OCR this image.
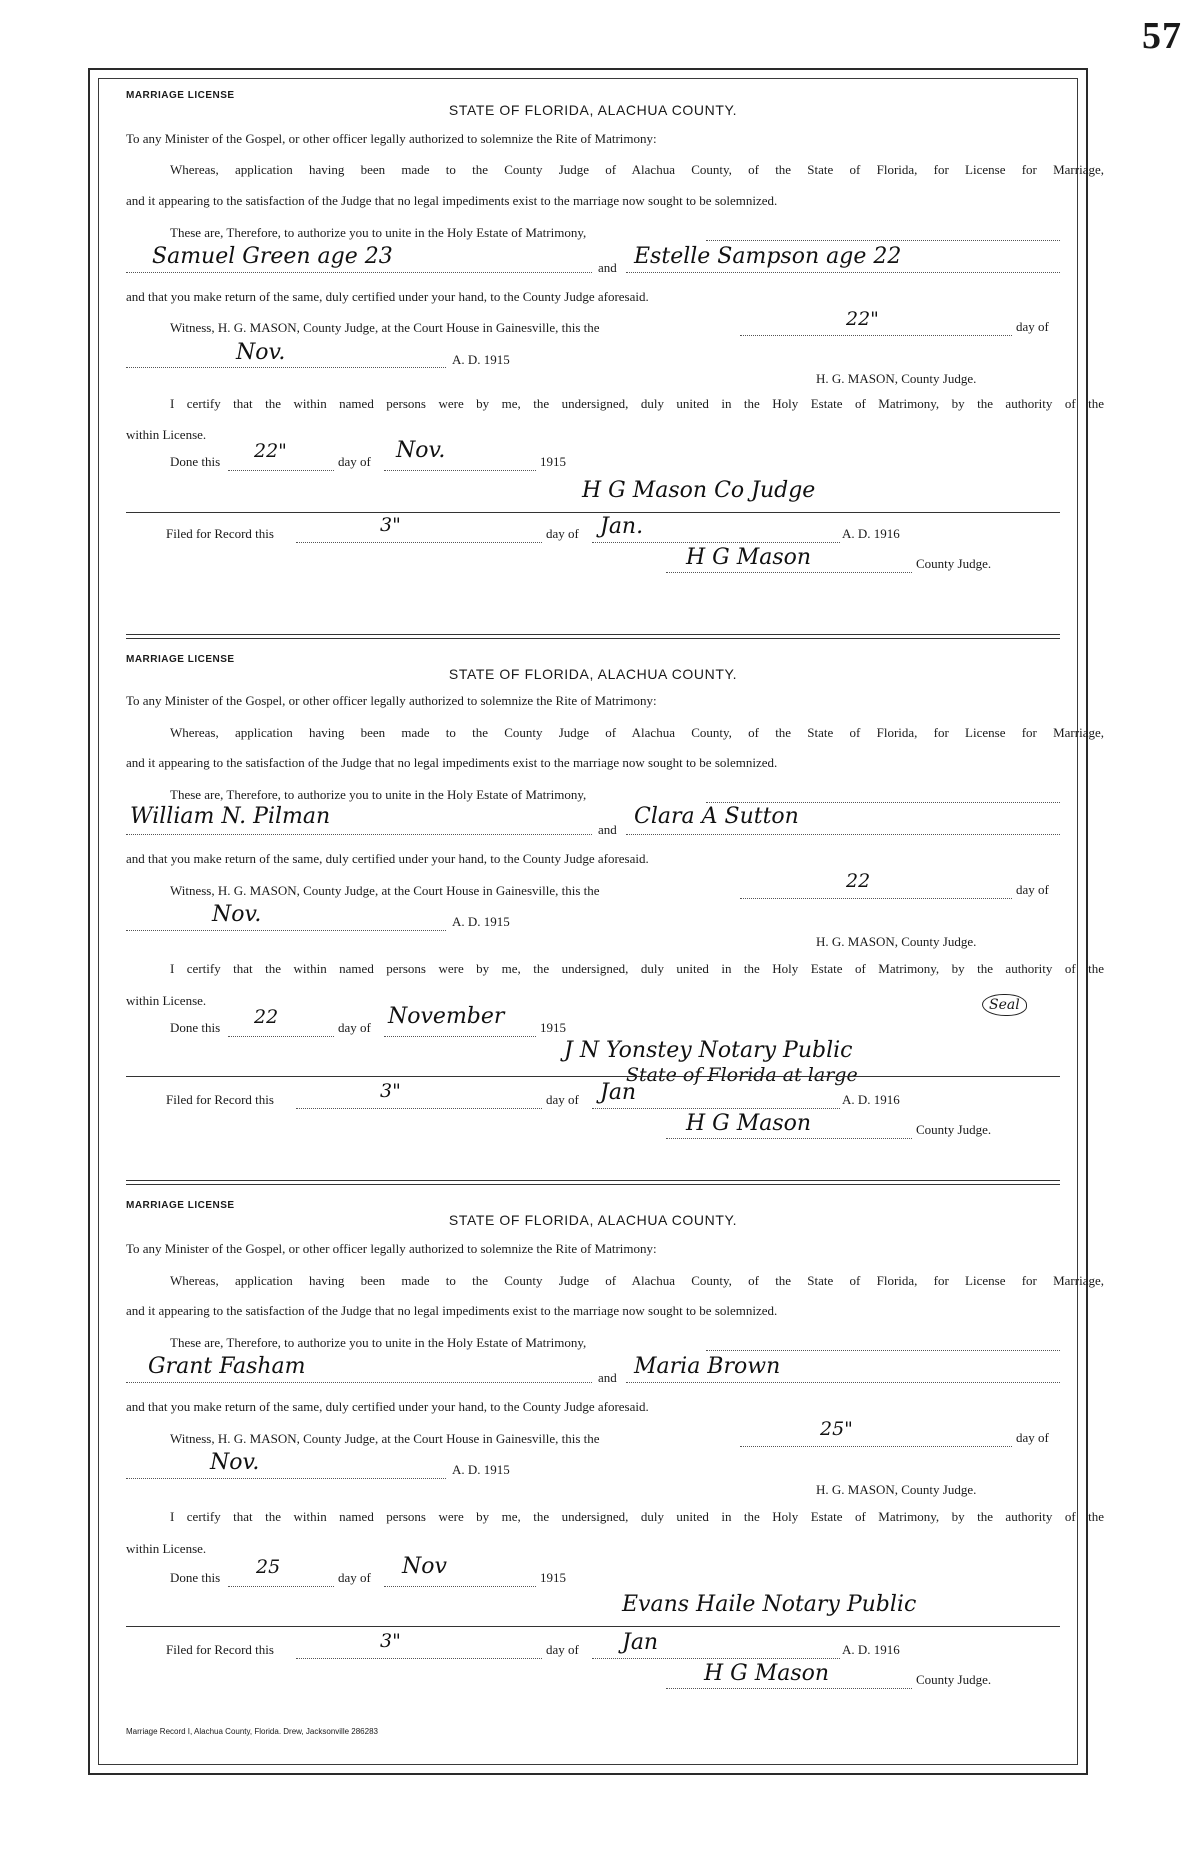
57
MARRIAGE LICENSE
STATE OF FLORIDA, ALACHUA COUNTY.
To any Minister of the Gospel, or other officer legally authorized to solemnize the Rite of Matrimony:
Whereas, application having been made to the County Judge of Alachua County, of the State of Florida, for License for Marriage,
and it appearing to the satisfaction of the Judge that no legal impediments exist to the marriage now sought to be solemnized.
These are, Therefore, to authorize you to unite in the Holy Estate of Matrimony,
Samuel Green age 23	and Estelle Sampson age 22
and that you make return of the same, duly certified under your hand, to the County Judge aforesaid.
Witness, H. G. MASON, County Judge, at the Court House in Gainesville, this the	22"	day of
Nov.	A. D. 1915
H. G. MASON, County Judge.
I certify that the within named persons were by me, the undersigned, duly united in the Holy Estate of Matrimony, by the authority of the
within License.
Done this 22"	day of Nov.	1915
H G Mason Co Judge
Filed for Record this	3"	day of Jan.	A. D. 1916
H G Mason	County Judge.
MARRIAGE LICENSE
STATE OF FLORIDA, ALACHUA COUNTY.
To any Minister of the Gospel, or other officer legally authorized to solemnize the Rite of Matrimony:
Whereas, application having been made to the County Judge of Alachua County, of the State of Florida, for License for Marriage,
and it appearing to the satisfaction of the Judge that no legal impediments exist to the marriage now sought to be solemnized.
These are, Therefore, to authorize you to unite in the Holy Estate of Matrimony,
William N. Pilman
and
Clara A Sutton
and that you make return of the same, duly certified under your hand, to the County Judge aforesaid.
Witness, H. G. MASON, County Judge, at the Court House in Gainesville, this the	22	day of
Nov.	A. D. 1915
H. G. MASON, County Judge.
I certify that the within named persons were by me, the undersigned, duly united in the Holy Estate of Matrimony, by the authority of the
within License.
Done this 22	day of November	1915
Seal
J N Yonstey Notary Public
State of Florida at large
Filed for Record this	3"	day of Jan	A. D. 1916
H G Mason	County Judge.
MARRIAGE LICENSE
STATE OF FLORIDA, ALACHUA COUNTY.
To any Minister of the Gospel, or other officer legally authorized to solemnize the Rite of Matrimony:
Whereas, application having been made to the County Judge of Alachua County, of the State of Florida, for License for Marriage,
and it appearing to the satisfaction of the Judge that no legal impediments exist to the marriage now sought to be solemnized.
These are, Therefore, to authorize you to unite in the Holy Estate of Matrimony,
Grant Fasham	and Maria Brown
and that you make return of the same, duly certified under your hand, to the County Judge aforesaid.
Witness, H. G. MASON, County Judge, at the Court House in Gainesville, this the	25"	day of
Nov.	A. D. 1915
H. G. MASON, County Judge.
I certify that the within named persons were by me, the undersigned, duly united in the Holy Estate of Matrimony, by the authority of the
within License.
Done this 25	day of Nov	1915
Evans Haile Notary Public
Filed for Record this	3"	day of Jan	A. D. 1916
H G Mason	County Judge.
Marriage Record I, Alachua County, Florida. Drew, Jacksonville 286283
